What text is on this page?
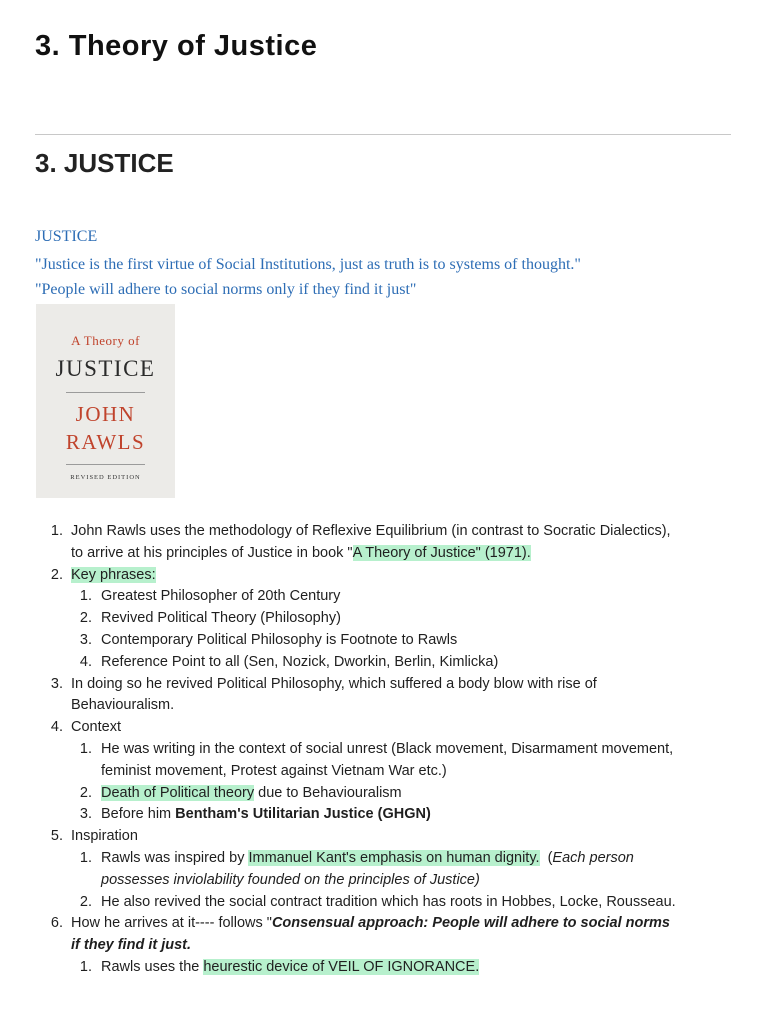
3. Theory of Justice
3. JUSTICE

JUSTICE

"Justice is the first virtue of Social Institutions, just as truth is to systems of thought."

"People will adhere to social norms only if they find it just"

A Theory of
JUSTICE
JOHN
RAWLS
REVISED EDITION
1. John Rawls uses the methodology of Reflexive Equilibrium (in contrast to Socratic Dialectics),
to arrive at his principles of Justice in book "A Theory of Justice" (1971).
2. Key phrases:
1. Greatest Philosopher of 20th Century
2. Revived Political Theory (Philosophy)
3. Contemporary Political Philosophy is Footnote to Rawls
4. Reference Point to all (Sen, Nozick, Dworkin, Berlin, Kimlicka)
3. In doing so he revived Political Philosophy, which suffered a body blow with rise of
Behaviouralism.
4. Context
1. He was writing in the context of social unrest (Black movement, Disarmament movement,
feminist movement, Protest against Vietnam War etc.)
2. Death of Political theory due to Behaviouralism
3. Before him Bentham's Utilitarian Justice (GHGN)
5. Inspiration
1. Rawls was inspired by Immanuel Kant's emphasis on human dignity.  (Each person
possesses inviolability founded on the principles of Justice)
2. He also revived the social contract tradition which has roots in Hobbes, Locke, Rousseau.
6. How he arrives at it---- follows "Consensual approach: People will adhere to social norms
if they find it just.
1. Rawls uses the heurestic device of VEIL OF IGNORANCE.
